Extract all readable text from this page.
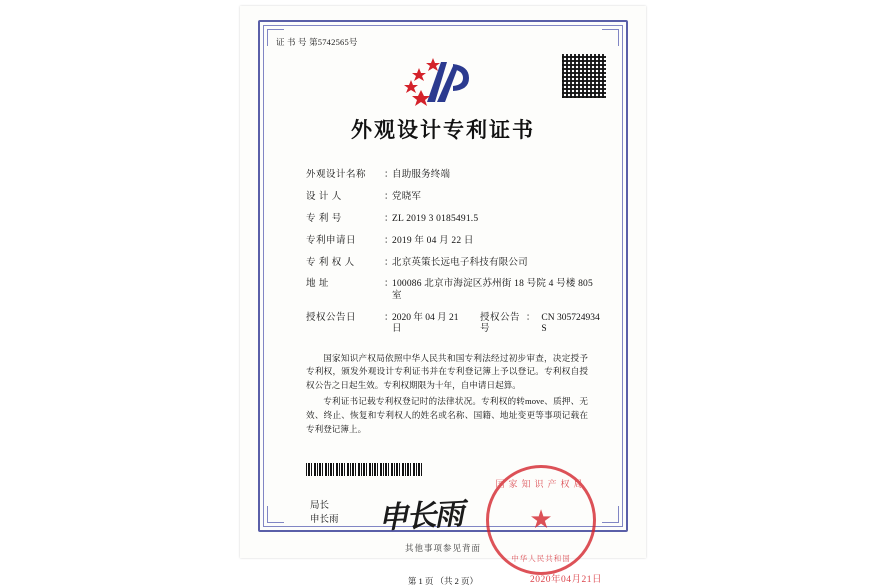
证 书 号 第5742565号
外观设计专利证书
外观设计名称	：
自助服务终端
设 计 人	：
党晓军
专 利 号	：
ZL 2019 3 0185491.5
专利申请日	：
2019 年 04 月 22 日
专 利 权 人	：
北京英策长远电子科技有限公司
地 址	：
100086 北京市海淀区苏州街 18 号院 4 号楼 805 室
授权公告日	：
2020 年 04 月 21 日
授权公告号
： CN 305724934 S

国家知识产权局依照中华人民共和国专利法经过初步审查，决定授予专利权，颁发外观设计专利证书并在专利登记簿上予以登记。专利权自授权公告之日起生效。专利权期限为十年，自申请日起算。

专利证书记载专利权登记时的法律状况。专利权的转move、质押、无效、终止、恢复和专利权人的姓名或名称、国籍、地址变更等事项记载在专利登记簿上。

局长
申长雨 申长雨
国家知识产权局
★
中华人民共和国
2020年04月21日
第 1 页 （共 2 页）
其他事项参见背面
